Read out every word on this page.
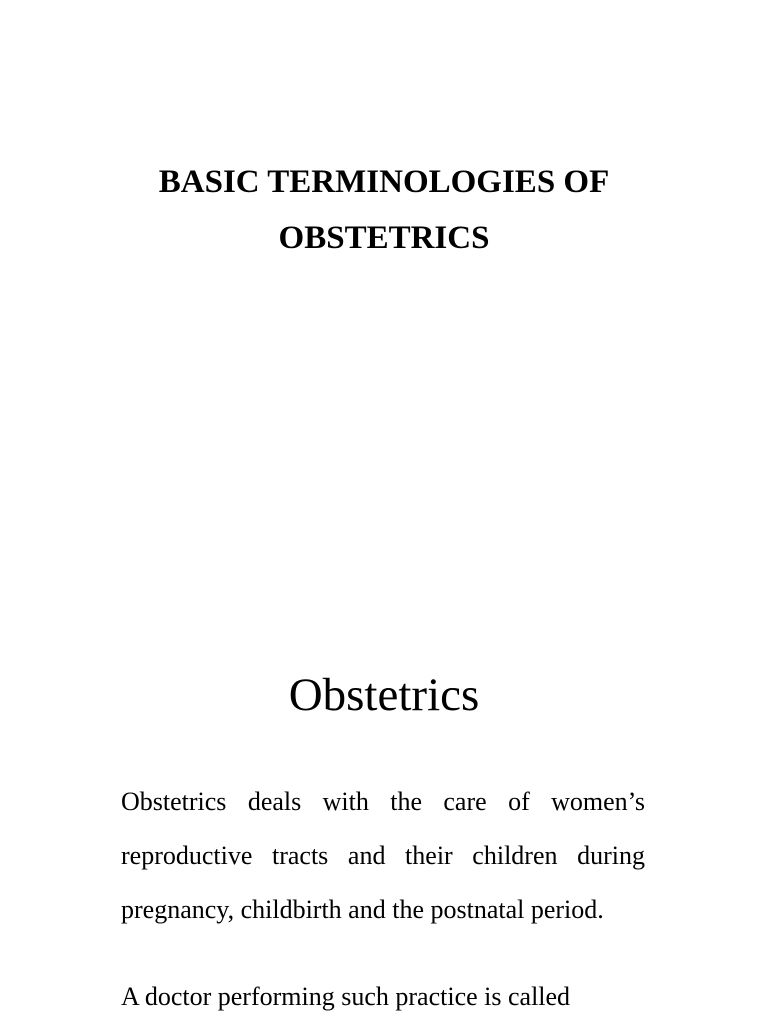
BASIC TERMINOLOGIES OF OBSTETRICS
Obstetrics

Obstetrics deals with the care of women’s reproductive tracts and their children during pregnancy, childbirth and the postnatal period.

A doctor performing such practice is called
